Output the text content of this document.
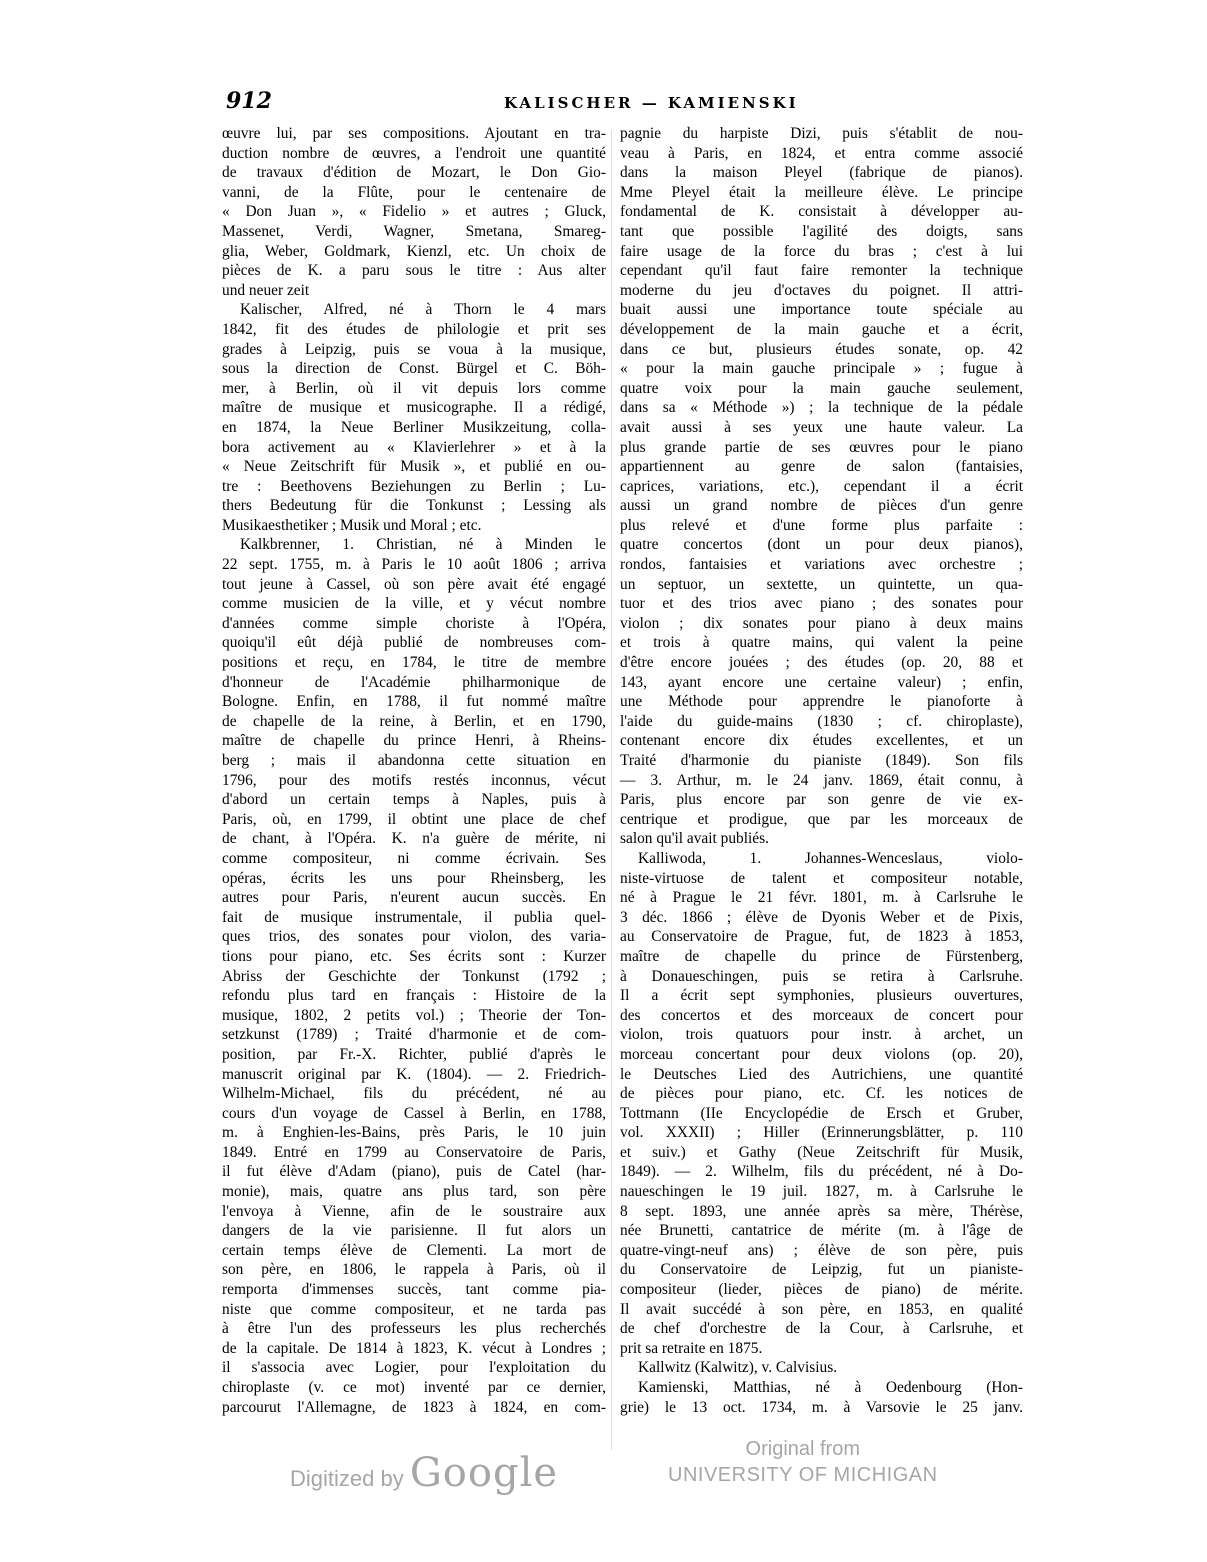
912	KALISCHER — KAMIENSKI
œuvre lui, par ses compositions. Ajoutant en tra-
duction nombre de œuvres, a l'endroit une quantité
de travaux d'édition de Mozart, le Don Gio-
vanni, de la Flûte, pour le centenaire de
« Don Juan », « Fidelio » et autres ; Gluck,
Massenet, Verdi, Wagner, Smetana, Smareg-
glia, Weber, Goldmark, Kienzl, etc. Un choix de
pièces de K. a paru sous le titre : Aus alter
und neuer zeit
Kalischer, Alfred, né à Thorn le 4 mars
1842, fit des études de philologie et prit ses
grades à Leipzig, puis se voua à la musique,
sous la direction de Const. Bürgel et C. Böh-
mer, à Berlin, où il vit depuis lors comme
maître de musique et musicographe. Il a rédigé,
en 1874, la Neue Berliner Musikzeitung, colla-
bora activement au « Klavierlehrer » et à la
« Neue Zeitschrift für Musik », et publié en ou-
tre : Beethovens Beziehungen zu Berlin ; Lu-
thers Bedeutung für die Tonkunst ; Lessing als
Musikaesthetiker ; Musik und Moral ; etc.
Kalkbrenner, 1. Christian, né à Minden le
22 sept. 1755, m. à Paris le 10 août 1806 ; arriva
tout jeune à Cassel, où son père avait été engagé
comme musicien de la ville, et y vécut nombre
d'années comme simple choriste à l'Opéra,
quoiqu'il eût déjà publié de nombreuses com-
positions et reçu, en 1784, le titre de membre
d'honneur de l'Académie philharmonique de
Bologne. Enfin, en 1788, il fut nommé maître
de chapelle de la reine, à Berlin, et en 1790,
maître de chapelle du prince Henri, à Rheins-
berg ; mais il abandonna cette situation en
1796, pour des motifs restés inconnus, vécut
d'abord un certain temps à Naples, puis à
Paris, où, en 1799, il obtint une place de chef
de chant, à l'Opéra. K. n'a guère de mérite, ni
comme compositeur, ni comme écrivain. Ses
opéras, écrits les uns pour Rheinsberg, les
autres pour Paris, n'eurent aucun succès. En
fait de musique instrumentale, il publia quel-
ques trios, des sonates pour violon, des varia-
tions pour piano, etc. Ses écrits sont : Kurzer
Abriss der Geschichte der Tonkunst (1792 ;
refondu plus tard en français : Histoire de la
musique, 1802, 2 petits vol.) ; Theorie der Ton-
setzkunst (1789) ; Traité d'harmonie et de com-
position, par Fr.-X. Richter, publié d'après le
manuscrit original par K. (1804). — 2. Friedrich-
Wilhelm-Michael, fils du précédent, né au
cours d'un voyage de Cassel à Berlin, en 1788,
m. à Enghien-les-Bains, près Paris, le 10 juin
1849. Entré en 1799 au Conservatoire de Paris,
il fut élève d'Adam (piano), puis de Catel (har-
monie), mais, quatre ans plus tard, son père
l'envoya à Vienne, afin de le soustraire aux
dangers de la vie parisienne. Il fut alors un
certain temps élève de Clementi. La mort de
son père, en 1806, le rappela à Paris, où il
remporta d'immenses succès, tant comme pia-
niste que comme compositeur, et ne tarda pas
à être l'un des professeurs les plus recherchés
de la capitale. De 1814 à 1823, K. vécut à Londres ;
il s'associa avec Logier, pour l'exploitation du
chiroplaste (v. ce mot) inventé par ce dernier,
parcourut l'Allemagne, de 1823 à 1824, en com-
pagnie du harpiste Dizi, puis s'établit de nou-
veau à Paris, en 1824, et entra comme associé
dans la maison Pleyel (fabrique de pianos).
Mme Pleyel était la meilleure élève. Le principe
fondamental de K. consistait à développer au-
tant que possible l'agilité des doigts, sans
faire usage de la force du bras ; c'est à lui
cependant qu'il faut faire remonter la technique
moderne du jeu d'octaves du poignet. Il attri-
buait aussi une importance toute spéciale au
développement de la main gauche et a écrit,
dans ce but, plusieurs études sonate, op. 42
« pour la main gauche principale » ; fugue à
quatre voix pour la main gauche seulement,
dans sa « Méthode ») ; la technique de la pédale
avait aussi à ses yeux une haute valeur. La
plus grande partie de ses œuvres pour le piano
appartiennent au genre de salon (fantaisies,
caprices, variations, etc.), cependant il a écrit
aussi un grand nombre de pièces d'un genre
plus relevé et d'une forme plus parfaite :
quatre concertos (dont un pour deux pianos),
rondos, fantaisies et variations avec orchestre ;
un septuor, un sextette, un quintette, un qua-
tuor et des trios avec piano ; des sonates pour
violon ; dix sonates pour piano à deux mains
et trois à quatre mains, qui valent la peine
d'être encore jouées ; des études (op. 20, 88 et
143, ayant encore une certaine valeur) ; enfin,
une Méthode pour apprendre le pianoforte à
l'aide du guide-mains (1830 ; cf. chiroplaste),
contenant encore dix études excellentes, et un
Traité d'harmonie du pianiste (1849). Son fils
— 3. Arthur, m. le 24 janv. 1869, était connu, à
Paris, plus encore par son genre de vie ex-
centrique et prodigue, que par les morceaux de
salon qu'il avait publiés.
Kalliwoda, 1. Johannes-Wenceslaus, violo-
niste-virtuose de talent et compositeur notable,
né à Prague le 21 févr. 1801, m. à Carlsruhe le
3 déc. 1866 ; élève de Dyonis Weber et de Pixis,
au Conservatoire de Prague, fut, de 1823 à 1853,
maître de chapelle du prince de Fürstenberg,
à Donaueschingen, puis se retira à Carlsruhe.
Il a écrit sept symphonies, plusieurs ouvertures,
des concertos et des morceaux de concert pour
violon, trois quatuors pour instr. à archet, un
morceau concertant pour deux violons (op. 20),
le Deutsches Lied des Autrichiens, une quantité
de pièces pour piano, etc. Cf. les notices de
Tottmann (IIe Encyclopédie de Ersch et Gruber,
vol. XXXII) ; Hiller (Erinnerungsblätter, p. 110
et suiv.) et Gathy (Neue Zeitschrift für Musik,
1849). — 2. Wilhelm, fils du précédent, né à Do-
naueschingen le 19 juil. 1827, m. à Carlsruhe le
8 sept. 1893, une année après sa mère, Thérèse,
née Brunetti, cantatrice de mérite (m. à l'âge de
quatre-vingt-neuf ans) ; élève de son père, puis
du Conservatoire de Leipzig, fut un pianiste-
compositeur (lieder, pièces de piano) de mérite.
Il avait succédé à son père, en 1853, en qualité
de chef d'orchestre de la Cour, à Carlsruhe, et
prit sa retraite en 1875.
Kallwitz (Kalwitz), v. Calvisius.
Kamienski, Matthias, né à Oedenbourg (Hon-
grie) le 13 oct. 1734, m. à Varsovie le 25 janv.
Digitized by Google
Original from
UNIVERSITY OF MICHIGAN
